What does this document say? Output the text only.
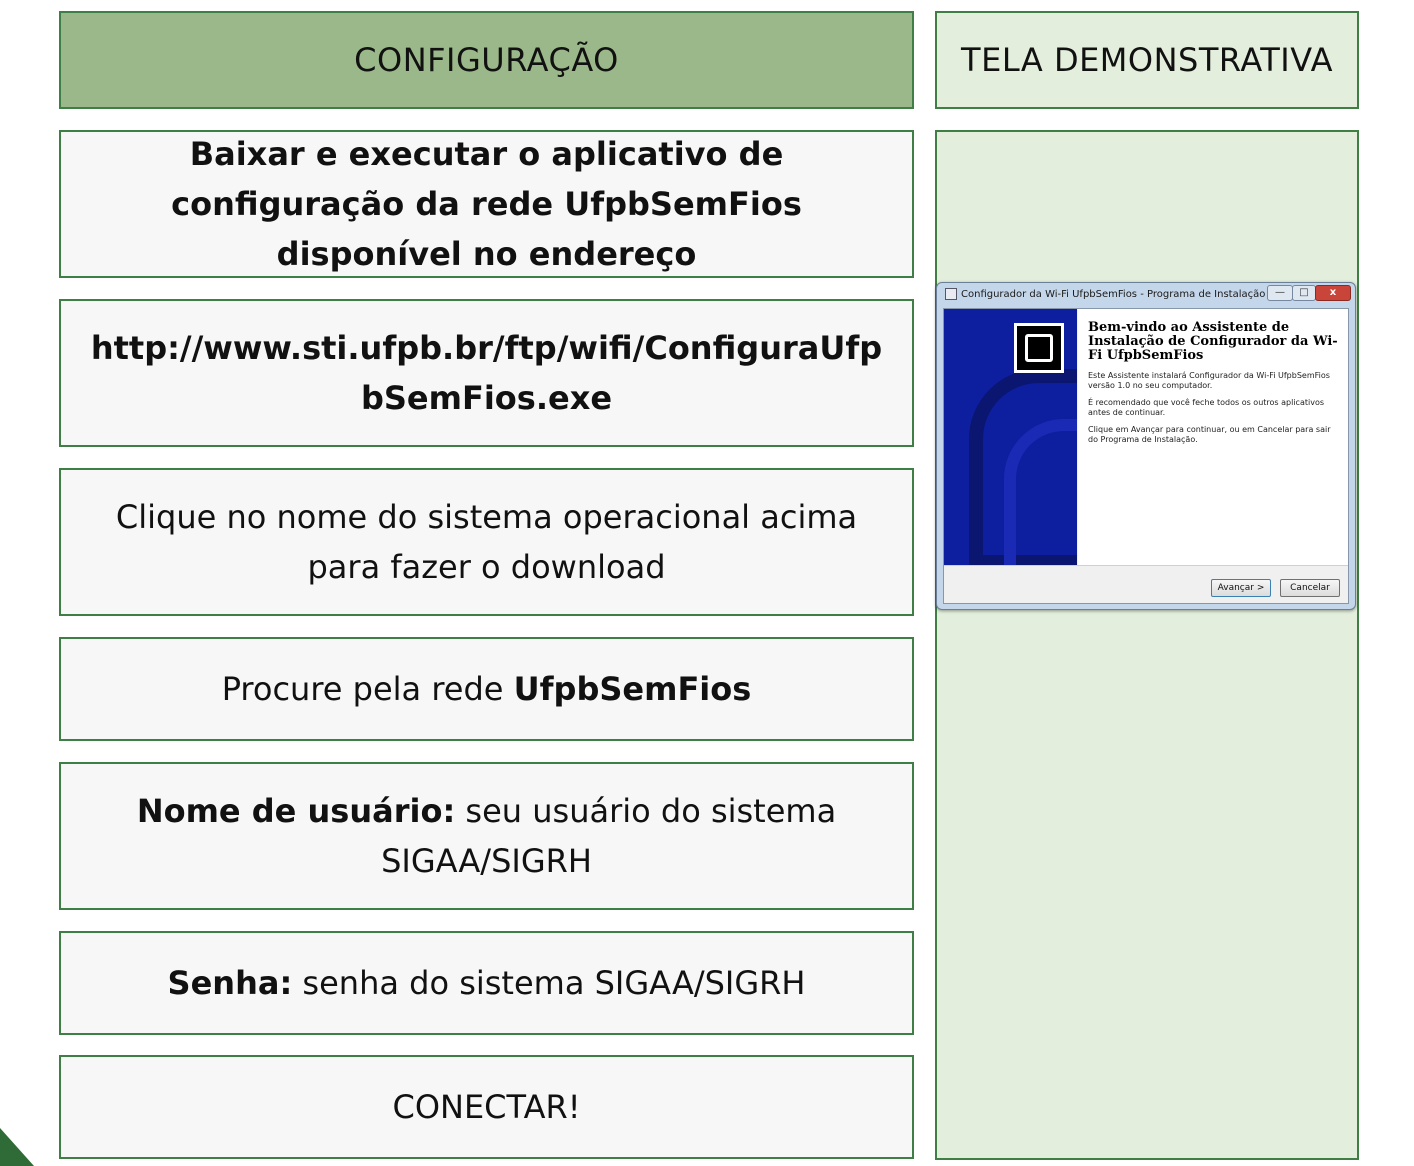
CONFIGURAÇÃO	TELA DEMONSTRATIVA
Baixar e executar o aplicativo de configuração da rede UfpbSemFios disponível no endereço
http://www.sti.ufpb.br/ftp/wifi/ConfiguraUfpbSemFios.exe
Clique no nome do sistema operacional acima para fazer o download
Procure pela rede UfpbSemFios
Nome de usuário: seu usuário do sistema SIGAA/SIGRH
Senha: senha do sistema SIGAA/SIGRH
CONECTAR!
Configurador da Wi-Fi UfpbSemFios - Programa de Instalação —	□	x
Bem-vindo ao Assistente de Instalação de Configurador da Wi-Fi UfpbSemFios
Este Assistente instalará Configurador da Wi-Fi UfpbSemFios versão 1.0 no seu computador.
É recomendado que você feche todos os outros aplicativos antes de continuar.
Clique em Avançar para continuar, ou em Cancelar para sair do Programa de Instalação.
Avançar >	Cancelar
